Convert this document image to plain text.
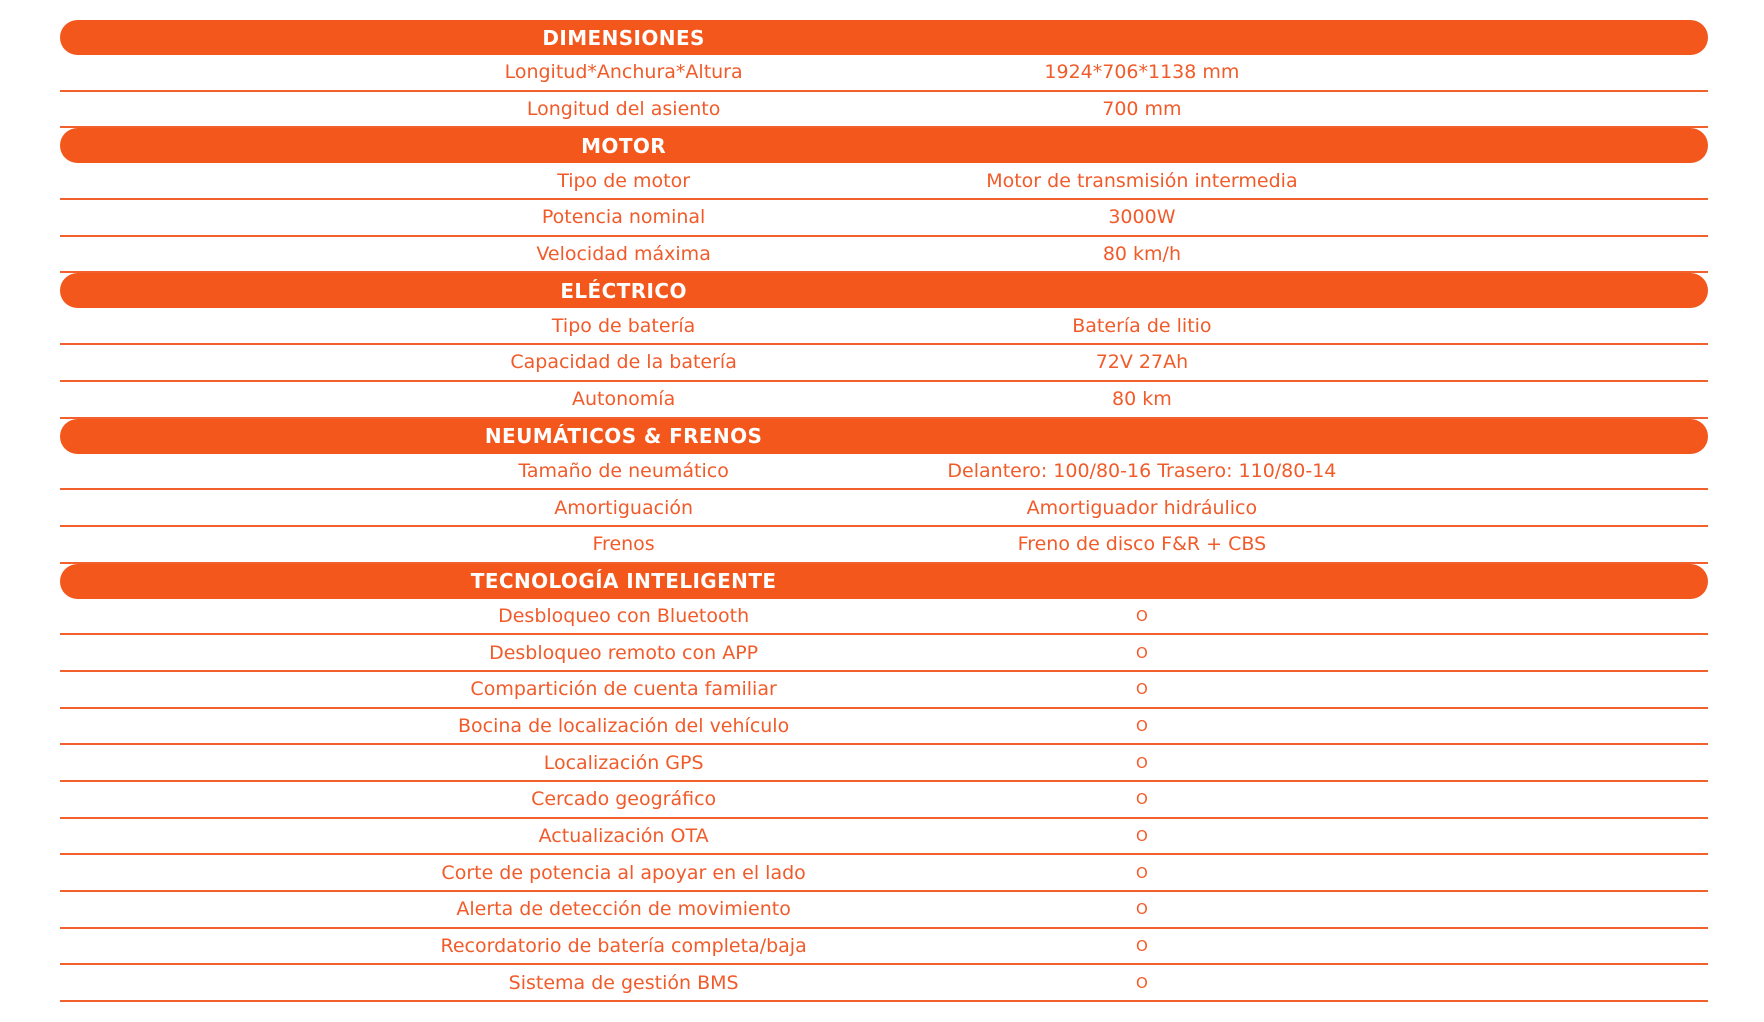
DIMENSIONES
Longitud*Anchura*Altura	1924*706*1138 mm
Longitud del asiento	700 mm
MOTOR
Tipo de motor	Motor de transmisión intermedia
Potencia nominal	3000W
Velocidad máxima	80 km/h
ELÉCTRICO
Tipo de batería	Batería de litio
Capacidad de la batería	72V 27Ah
Autonomía	80 km
NEUMÁTICOS & FRENOS
Tamaño de neumático	Delantero: 100/80-16 Trasero: 110/80-14
Amortiguación	Amortiguador hidráulico
Frenos	Freno de disco F&R + CBS
TECNOLOGÍA INTELIGENTE
Desbloqueo con Bluetooth	O
Desbloqueo remoto con APP	O
Compartición de cuenta familiar	O
Bocina de localización del vehículo	O
Localización GPS	O
Cercado geográfico	O
Actualización OTA	O
Corte de potencia al apoyar en el lado	O
Alerta de detección de movimiento	O
Recordatorio de batería completa/baja	O
Sistema de gestión BMS	O
